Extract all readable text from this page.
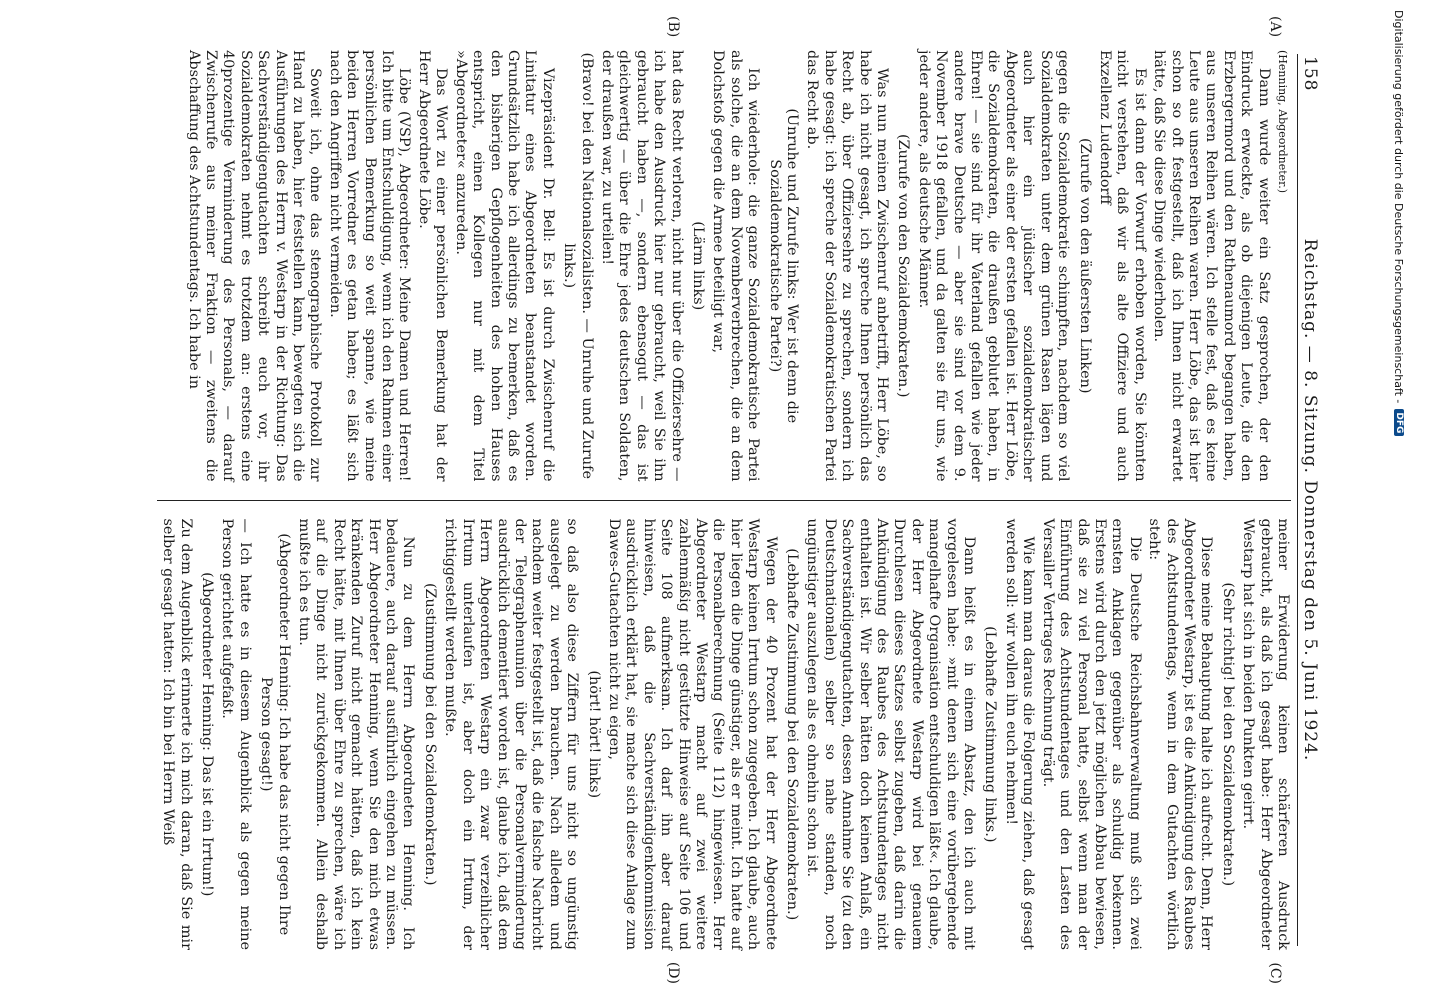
158
Reichstag. — 8. Sitzung. Donnerstag den 5. Juni 1924.

(Henning, Abgeordneter.)

Dann wurde weiter ein Satz gesprochen, der den Eindruck erweckte, als ob diejenigen Leute, die den Erzbergermord und den Rathenaumord begangen haben, aus unseren Reihen wären. Ich stelle fest, daß es keine Leute aus unseren Reihen waren. Herr Löbe, das ist hier schon so oft festgestellt, daß ich Ihnen nicht erwartet hätte, daß Sie diese Dinge wiederholen.

Es ist dann der Vorwurf erhoben worden, Sie könnten nicht verstehen, daß wir als alte Offiziere und auch Exzellenz Ludendorff

(Zurufe von den äußersten Linken)

gegen die Sozialdemokratie schimpften, nachdem so viel Sozialdemokraten unter dem grünen Rasen lägen und auch hier ein jüdischer sozialdemokratischer Abgeordneter als einer der ersten gefallen ist. Herr Löbe, die Sozialdemokraten, die draußen geblutet haben, in Ehren! — sie sind für ihr Vaterland gefallen wie jeder andere brave Deutsche — aber sie sind vor dem 9. November 1918 gefallen, und da galten sie für uns, wie jeder andere, als deutsche Männer.

(Zurufe von den Sozialdemokraten.)

Was nun meinen Zwischenruf anbetrifft, Herr Löbe, so habe ich nicht gesagt, ich spreche Ihnen persönlich das Recht ab, über Offiziersehre zu sprechen, sondern ich habe gesagt: ich spreche der Sozialdemokratischen Partei das Recht ab.

(Unruhe und Zurufe links: Wer ist denn die Sozialdemokratische Partei?)

Ich wiederhole: die ganze Sozialdemokratische Partei als solche, die an dem Novemberverbrechen, die an dem Dolchstoß gegen die Armee beteiligt war,

(Lärm links)

hat das Recht verloren, nicht nur über die Offiziersehre — ich habe den Ausdruck hier nur gebraucht, weil Sie ihn gebraucht haben —, sondern ebensogut — das ist gleichwertig — über die Ehre jedes deutschen Soldaten, der draußen war, zu urteilen!

(Bravo! bei den Nationalsozialisten. — Unruhe und Zurufe links.)

Vizepräsident Dr. Bell: Es ist durch Zwischenruf die Linitatur eines Abgeordneten beanstandet worden. Grundsätzlich habe ich allerdings zu bemerken, daß es den bisherigen Gepflogenheiten des hohen Hauses entspricht, einen Kollegen nur mit dem Titel »Abgeordneter« anzureden.

Das Wort zu einer persönlichen Bemerkung hat der Herr Abgeordnete Löbe.

Löbe (VSP), Abgeordneter: Meine Damen und Herren! Ich bitte um Entschuldigung, wenn ich den Rahmen einer persönlichen Bemerkung so weit spanne, wie meine beiden Herren Vorredner es getan haben; es läßt sich nach den Angriffen nicht vermeiden.

Soweit ich, ohne das stenographische Protokoll zur Hand zu haben, hier feststellen kann, bewegten sich die Ausführungen des Herrn v. Westarp in der Richtung: Das Sachverständigengutachten schreibt euch vor, ihr Sozialdemokraten nehmt es trotzdem an: erstens eine 40prozentige Verminderung des Personals, — darauf Zwischenrufe aus meiner Fraktion — zweitens die Abschaffung des Achtstundentags. Ich habe in

meiner Erwiderung keinen schärferen Ausdruck gebraucht, als daß ich gesagt habe: Herr Abgeordneter Westarp hat sich in beiden Punkten geirrt.

(Sehr richtig! bei den Sozialdemokraten.)

Diese meine Behauptung halte ich aufrecht. Denn, Herr Abgeordneter Westarp, ist es die Ankündigung des Raubes des Achtstundentags, wenn in dem Gutachten wörtlich steht:

Die Deutsche Reichsbahnverwaltung muß sich zwei ernsten Anklagen gegenüber als schuldig bekennen. Erstens wird durch den jetzt möglichen Abbau bewiesen, daß sie zu viel Personal hatte, selbst wenn man der Einführung des Achtstundentages und den Lasten des Versailler Vertrages Rechnung trägt.

Wie kann man daraus die Folgerung ziehen, daß gesagt werden soll: wir wollen ihn euch nehmen!

(Lebhafte Zustimmung links.)

Dann heißt es in einem Absatz, den ich auch mit vorgelesen habe: »mit denen sich eine vorübergehende mangelhafte Organisation entschuldigen läßt«. Ich glaube, der Herr Abgeordnete Westarp wird bei genauem Durchlesen dieses Satzes selbst zugeben, daß darin die Ankündigung des Raubes des Achtstundentages nicht enthalten ist. Wir selber hätten doch keinen Anlaß, ein Sachverständigengutachten, dessen Annahme Sie (zu den Deutschnationalen) selber so nahe standen, noch ungünstiger auszulegen als es ohnehin schon ist.

(Lebhafte Zustimmung bei den Sozialdemokraten.)

Wegen der 40 Prozent hat der Herr Abgeordnete Westarp keinen Irrtum schon zugegeben. Ich glaube, auch hier liegen die Dinge günstiger, als er meint. Ich hatte auf die Personalberechnung (Seite 112) hingewiesen. Herr Abgeordneter Westarp macht auf zwei weitere zahlenmäßig nicht gestützte Hinweise auf Seite 106 und Seite 108 aufmerksam. Ich darf ihn aber darauf hinweisen, daß die Sachverständigenkommission ausdrücklich erklärt hat, sie mache sich diese Anlage zum Dawes-Gutachten nicht zu eigen,

(hört! hört! links)

so daß also diese Ziffern für uns nicht so ungünstig ausgelegt zu werden brauchen. Nach alledem und nachdem weiter festgestellt ist, daß die falsche Nachricht der Telegraphenunion über die Personalverminderung ausdrücklich dementiert worden ist, glaube ich, daß dem Herrn Abgeordneten Westarp ein zwar verzeihlicher Irrtum unterlaufen ist, aber doch ein Irrtum, der richtiggestellt werden mußte.

(Zustimmung bei den Sozialdemokraten.)

Nun zu dem Herrn Abgeordneten Henning. Ich bedauere, auch darauf ausführlich eingehen zu müssen. Herr Abgeordneter Henning, wenn Sie den mich etwas kränkenden Zuruf nicht gemacht hätten, daß ich kein Recht hätte, mit Ihnen über Ehre zu sprechen, wäre ich auf die Dinge nicht zurückgekommen. Allein deshalb mußte ich es tun.

(Abgeordneter Henning: Ich habe das nicht gegen Ihre Person gesagt!)

— Ich hatte es in diesem Augenblick als gegen meine Person gerichtet aufgefaßt.

(Abgeordneter Henning: Das ist ein Irrtum!)

Zu dem Augenblick erinnerte ich mich daran, daß Sie mir selber gesagt hatten: Ich bin bei Herrn Weiß

(A)
(B)
(C)
(D)
Digitalisierung gefördert durch die Deutsche Forschungsgemeinschaft -
DFG
